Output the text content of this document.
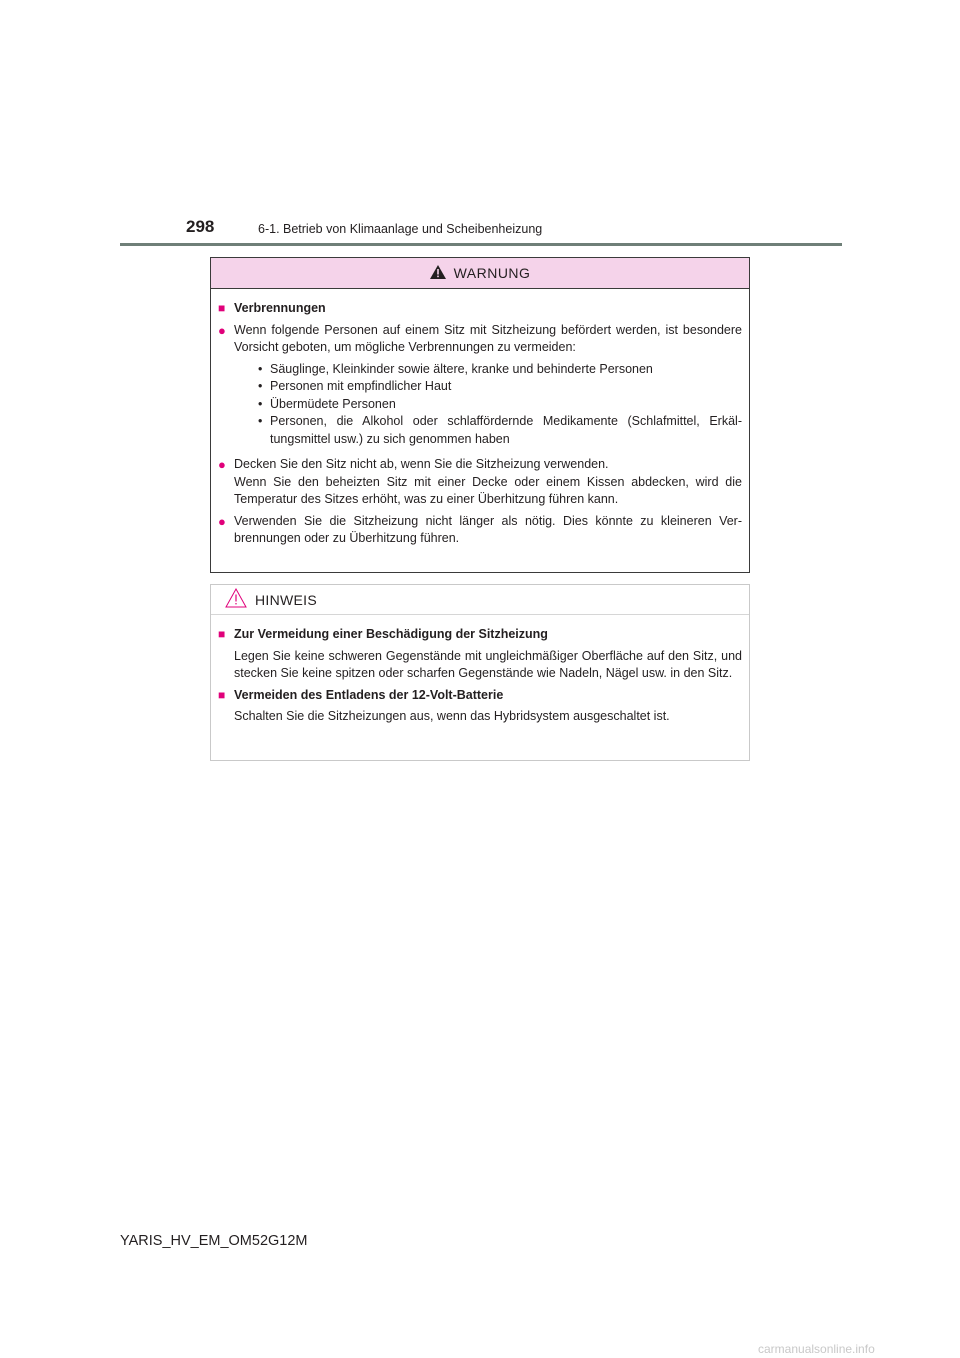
298	6-1. Betrieb von Klimaanlage und Scheibenheizung
WARNUNG
■ Verbrennungen
● Wenn folgende Personen auf einem Sitz mit Sitzheizung befördert werden, ist besondere Vorsicht geboten, um mögliche Verbrennungen zu vermeiden:
• Säuglinge, Kleinkinder sowie ältere, kranke und behinderte Personen
• Personen mit empfindlicher Haut
• Übermüdete Personen
• Personen, die Alkohol oder schlaffördernde Medikamente (Schlafmittel, Erkäl-tungsmittel usw.) zu sich genommen haben
● Decken Sie den Sitz nicht ab, wenn Sie die Sitzheizung verwenden.
Wenn Sie den beheizten Sitz mit einer Decke oder einem Kissen abdecken, wird die Temperatur des Sitzes erhöht, was zu einer Überhitzung führen kann.
● Verwenden Sie die Sitzheizung nicht länger als nötig. Dies könnte zu kleineren Ver-brennungen oder zu Überhitzung führen.
HINWEIS
■ Zur Vermeidung einer Beschädigung der Sitzheizung
Legen Sie keine schweren Gegenstände mit ungleichmäßiger Oberfläche auf den Sitz, und stecken Sie keine spitzen oder scharfen Gegenstände wie Nadeln, Nägel usw. in den Sitz.
■ Vermeiden des Entladens der 12-Volt-Batterie
Schalten Sie die Sitzheizungen aus, wenn das Hybridsystem ausgeschaltet ist.
YARIS_HV_EM_OM52G12M
carmanualsonline.info
